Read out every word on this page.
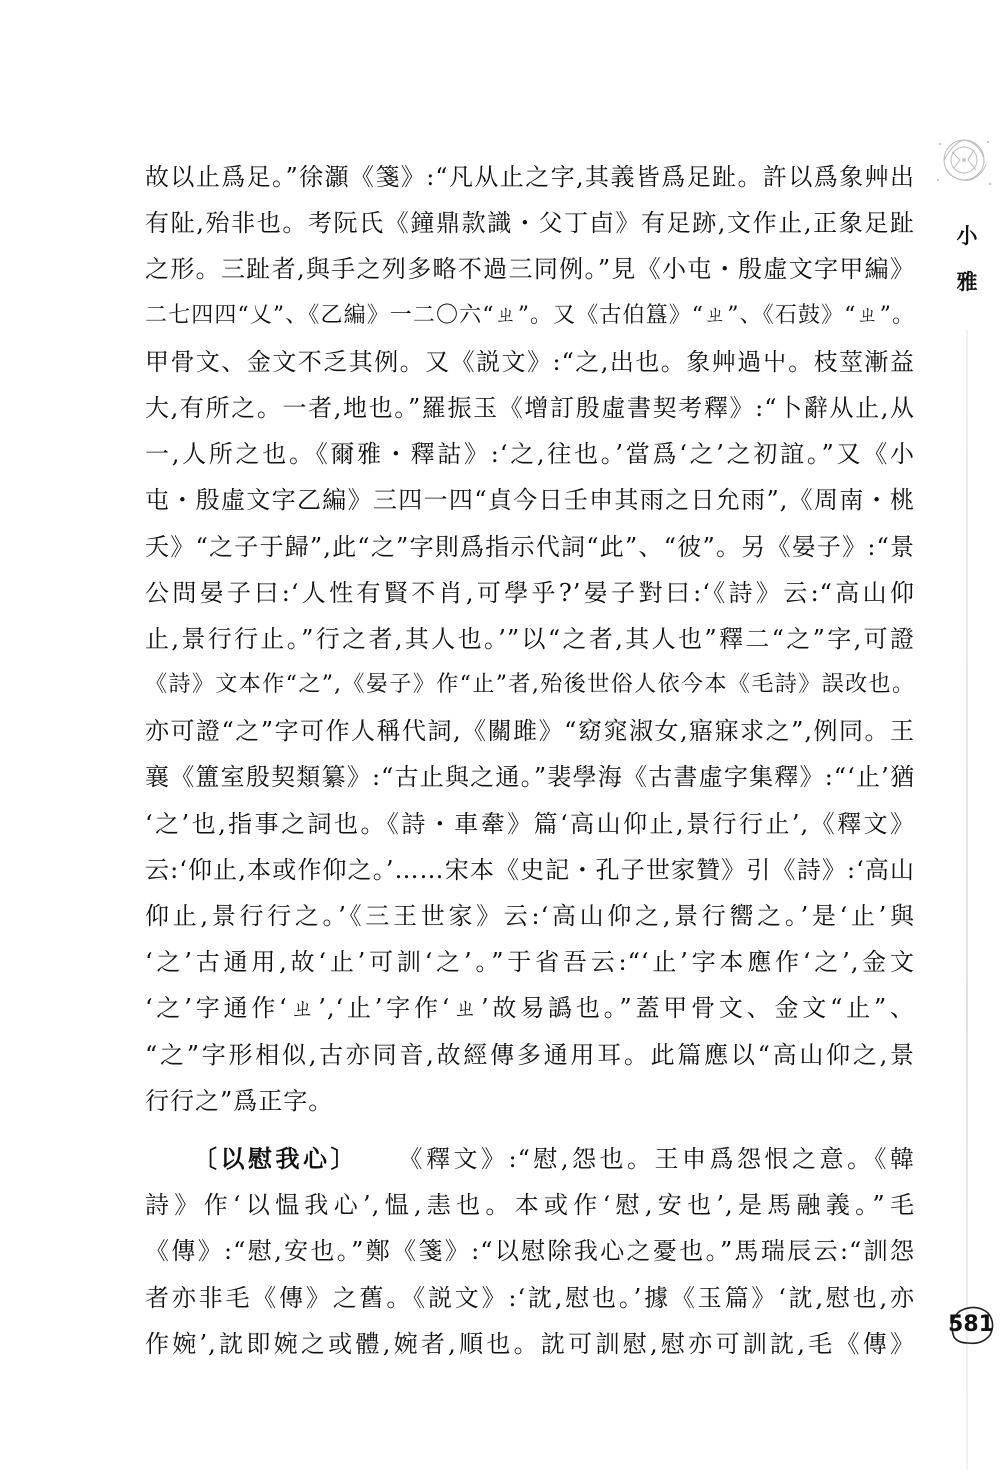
小
雅
581
故以止爲足。”徐灝《箋》:“凡从止之字,其義皆爲足趾。許以爲象艸出
有阯,殆非也。考阮氏《鐘鼎款識・父丁卣》有足跡,文作止,正象足趾
之形。三趾者,與手之列多略不過三同例。”見《小屯・殷虛文字甲編》
二七四四“乂”、《乙編》一二〇六“ㄓ”。又《古伯簋》“ㄓ”、《石鼓》“ㄓ”。
甲骨文、金文不乏其例。又《説文》:“之,出也。象艸過屮。枝莖漸益
大,有所之。一者,地也。”羅振玉《增訂殷虛書契考釋》:“卜辭从止,从
一,人所之也。《爾雅・釋詁》:‘之,往也。’當爲‘之’之初誼。”又《小
屯・殷虛文字乙編》三四一四“貞今日壬申其雨之日允雨”,《周南・桃
夭》“之子于歸”,此“之”字則爲指示代詞“此”、“彼”。另《晏子》:“景
公問晏子曰:‘人性有賢不肖,可學乎?’晏子對曰:‘《詩》云:“高山仰
止,景行行止。”行之者,其人也。’”以“之者,其人也”釋二“之”字,可證
《詩》文本作“之”,《晏子》作“止”者,殆後世俗人依今本《毛詩》誤改也。
亦可證“之”字可作人稱代詞,《關雎》“窈窕淑女,寤寐求之”,例同。王
襄《簠室殷契類纂》:“古止與之通。”裴學海《古書虛字集釋》:“‘止’猶
‘之’也,指事之詞也。《詩・車舝》篇‘高山仰止,景行行止’,《釋文》
云:‘仰止,本或作仰之。’……宋本《史記・孔子世家贊》引《詩》:‘高山
仰止,景行行之。’《三王世家》云:‘高山仰之,景行嚮之。’是‘止’與
‘之’古通用,故‘止’可訓‘之’。”于省吾云:“‘止’字本應作‘之’,金文
‘之’字通作‘ㄓ’,‘止’字作‘ㄓ’故易譌也。”蓋甲骨文、金文“止”、
“之”字形相似,古亦同音,故經傳多通用耳。此篇應以“高山仰之,景
行行之”爲正字。
〔以慰我心〕 《釋文》:“慰,怨也。王申爲怨恨之意。《韓
詩》作‘以愠我心’,愠,恚也。本或作‘慰,安也’,是馬融義。”毛
《傳》:“慰,安也。”鄭《箋》:“以慰除我心之憂也。”馬瑞辰云:“訓怨
者亦非毛《傳》之舊。《説文》:‘訦,慰也。’據《玉篇》‘訦,慰也,亦
作婉’,訦即婉之或體,婉者,順也。訦可訓慰,慰亦可訓訦,毛《傳》
